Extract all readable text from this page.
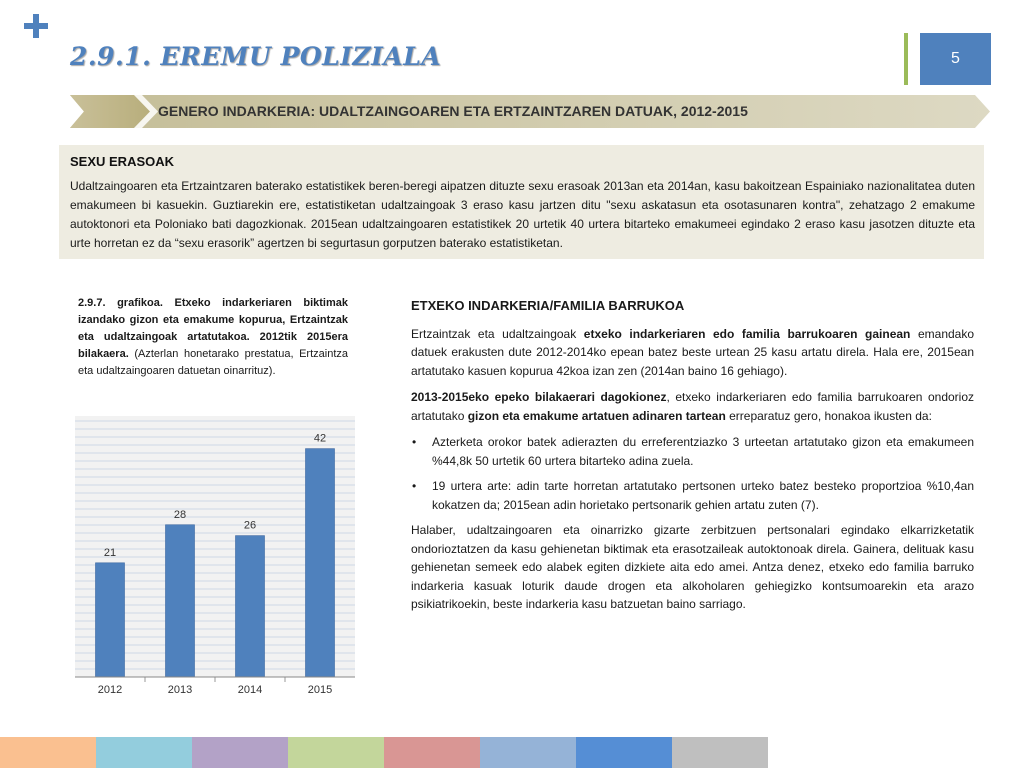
2.9.1. EREMU POLIZIALA	5
GENERO INDARKERIA: UDALTZAINGOAREN ETA ERTZAINTZAREN DATUAK, 2012-2015
SEXU ERASOAK
Udaltzaingoaren eta Ertzaintzaren baterako estatistikek beren-beregi aipatzen dituzte sexu erasoak 2013an eta 2014an, kasu bakoitzean Espainiako nazionalitatea duten emakumeen bi kasuekin. Guztiarekin ere, estatistiketan udaltzaingoak 3 eraso kasu jartzen ditu "sexu askatasun eta osotasunaren kontra", zehatzago 2 emakume autoktonori eta Poloniako bati dagozkionak. 2015ean udaltzaingoaren estatistikek 20 urtetik 40 urtera bitarteko emakumeei egindako 2 eraso kasu jasotzen dituzte eta urte horretan ez da “sexu erasorik” agertzen bi segurtasun gorputzen baterako estatistiketan.
2.9.7. grafikoa. Etxeko indarkeriaren biktimak izandako gizon eta emakume kopurua, Ertzaintzak eta udaltzaingoak artatutakoa. 2012tik 2015era bilakaera. (Azterlan honetarako prestatua, Ertzaintza eta udaltzaingoaren datuetan oinarrituz).
21
2012
28
2013
26
2014
42
2015
ETXEKO INDARKERIA/FAMILIA BARRUKOA

Ertzaintzak eta udaltzaingoak etxeko indarkeriaren edo familia barrukoaren gainean emandako datuek erakusten dute 2012-2014ko epean batez beste urtean 25 kasu artatu direla. Hala ere, 2015ean artatutako kasuen kopurua 42koa izan zen (2014an baino 16 gehiago).

2013-2015eko epeko bilakaerari dagokionez, etxeko indarkeriaren edo familia barrukoaren ondorioz artatutako gizon eta emakume artatuen adinaren tartean erreparatuz gero, honakoa ikusten da:

• Azterketa orokor batek adierazten du erreferentziazko 3 urteetan artatutako gizon eta emakumeen %44,8k 50 urtetik 60 urtera bitarteko adina zuela.
• 19 urtera arte: adin tarte horretan artatutako pertsonen urteko batez besteko proportzioa %10,4an kokatzen da; 2015ean adin horietako pertsonarik gehien artatu zuten (7).

Halaber, udaltzaingoaren eta oinarrizko gizarte zerbitzuen pertsonalari egindako elkarrizketatik ondorioztatzen da kasu gehienetan biktimak eta erasotzaileak autoktonoak direla. Gainera, delituak kasu gehienetan semeek edo alabek egiten dizkiete aita edo amei. Antza denez, etxeko edo familia barruko indarkeria kasuak loturik daude drogen eta alkoholaren gehiegizko kontsumoarekin eta arazo psikiatrikoekin, beste indarkeria kasu batzuetan baino sarriago.
